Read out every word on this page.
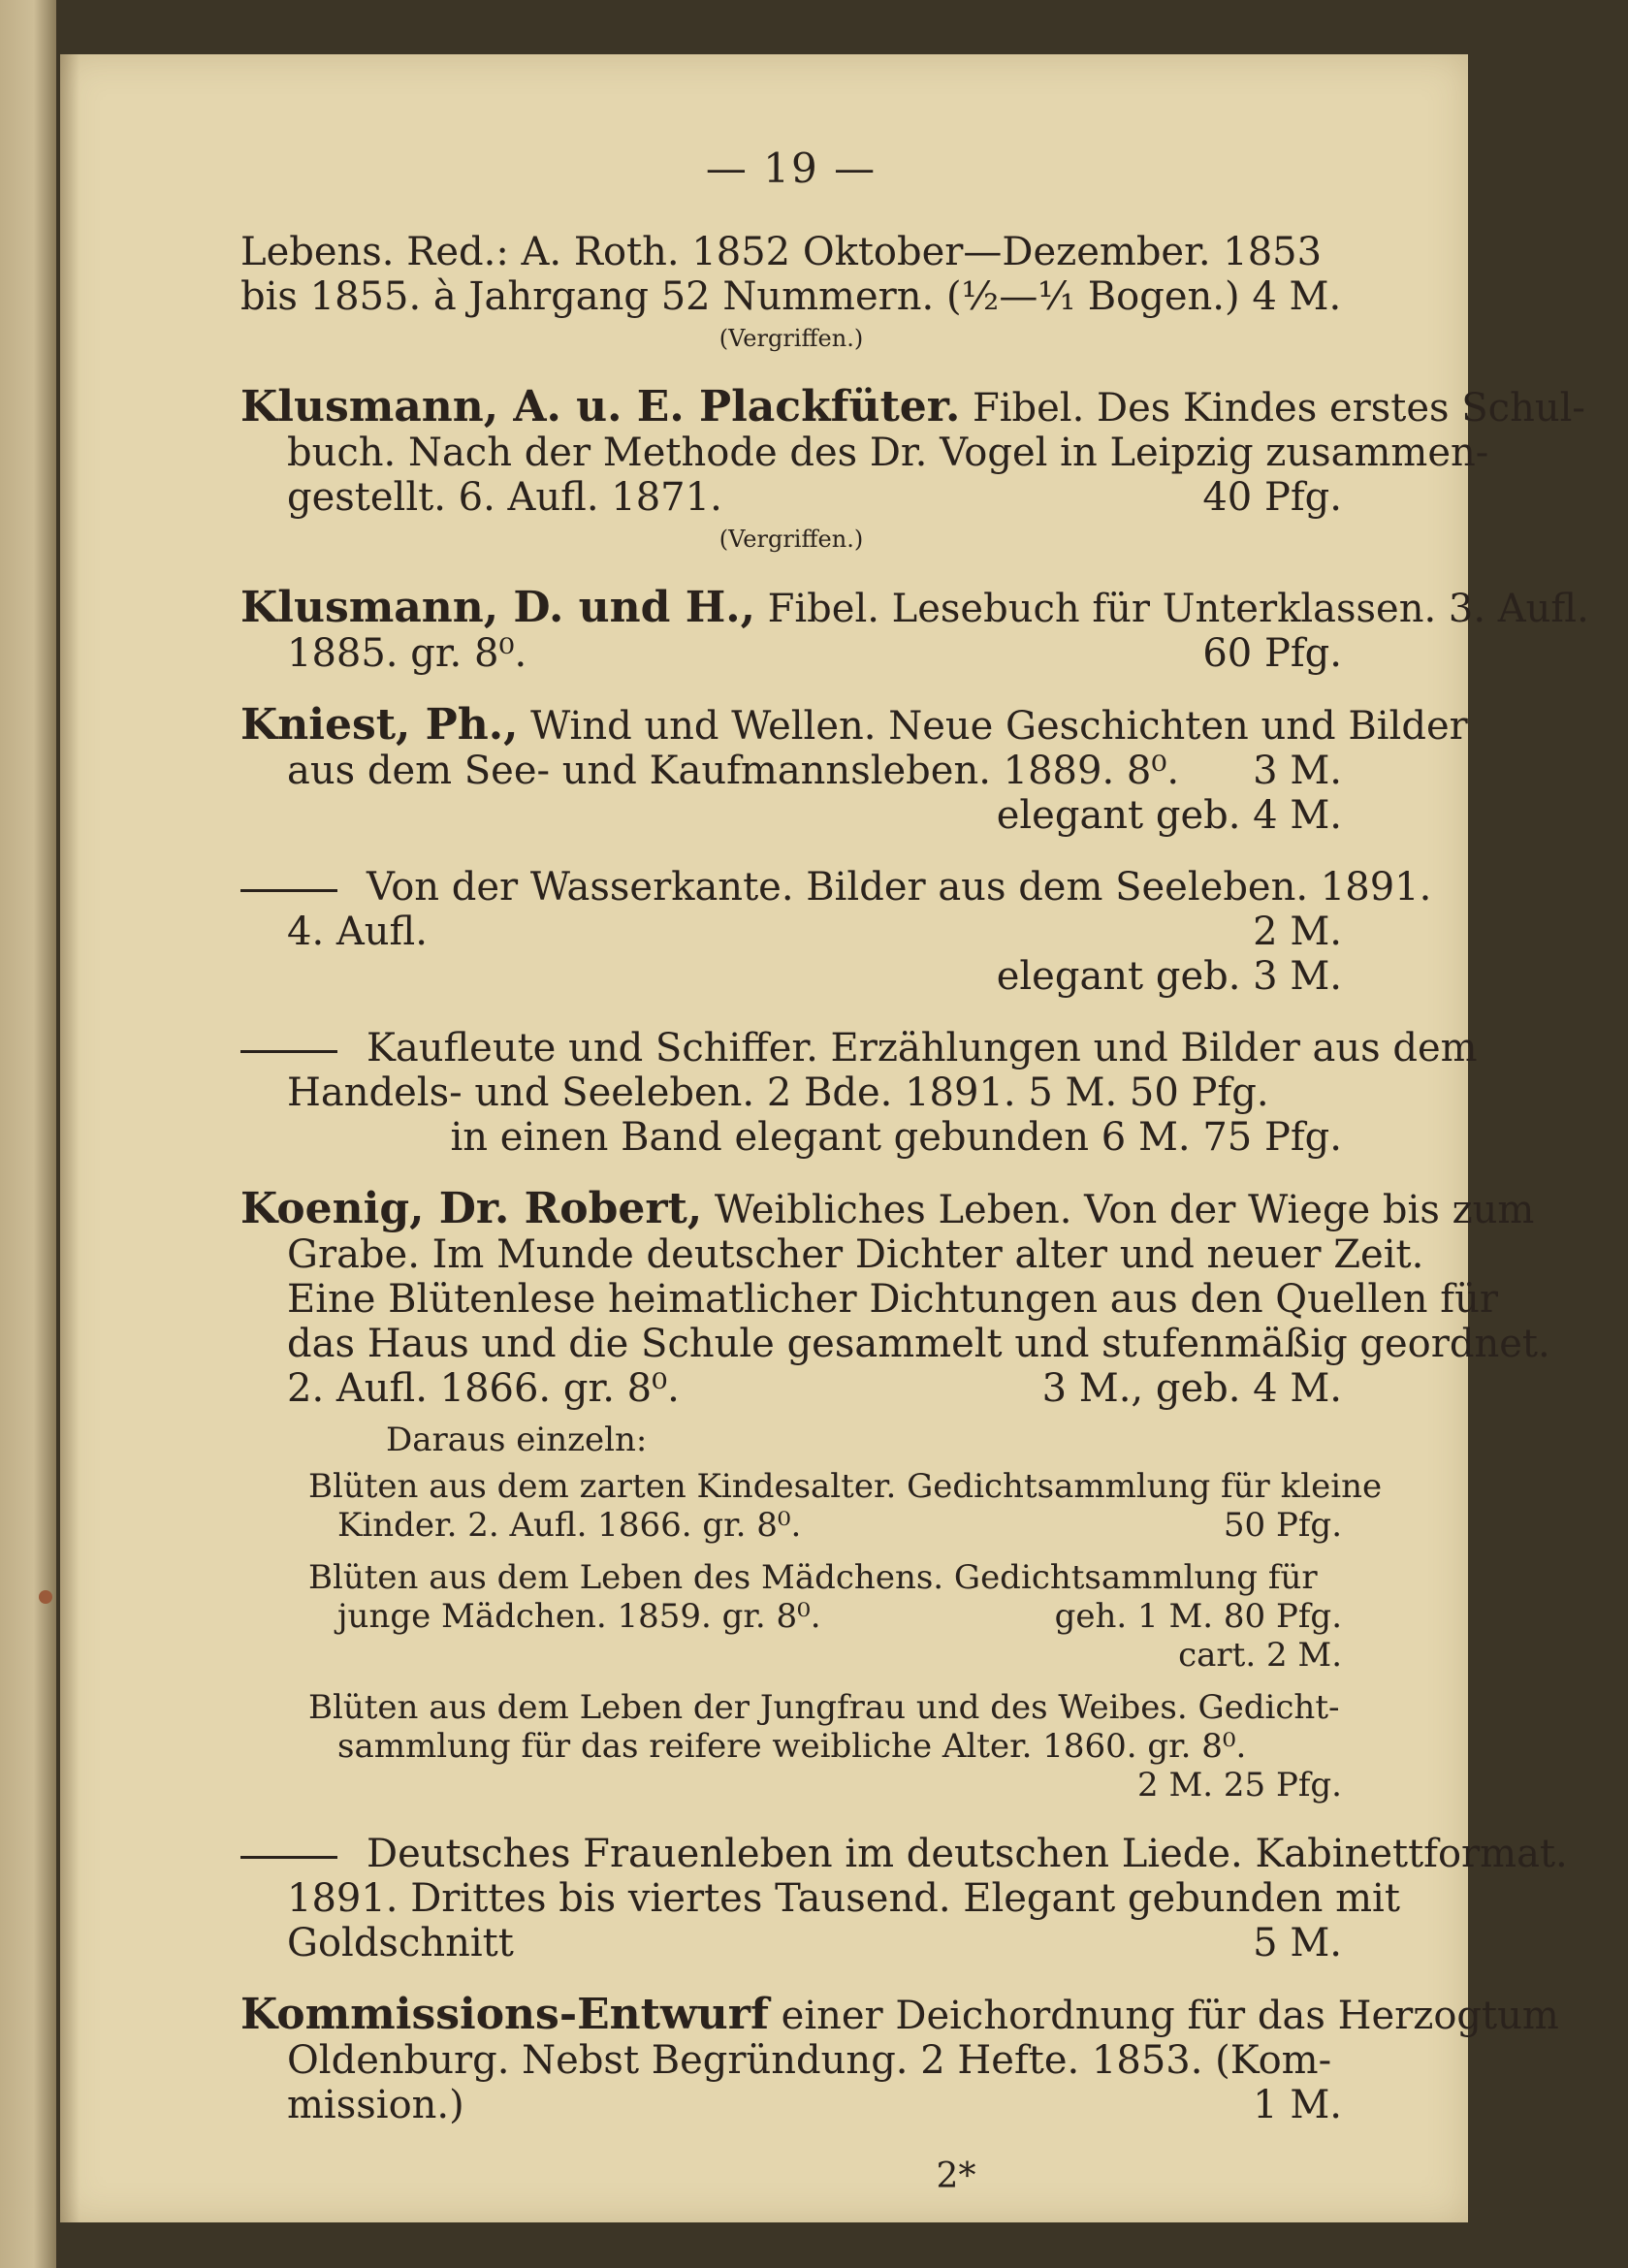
— 19 —
Lebens. Red.: A. Roth. 1852 Oktober—Dezember. 1853
bis 1855. à Jahrgang 52 Nummern. (½—¹⁄₁ Bogen.) 4 M.
(Vergriffen.)
Klusmann, A. u. E. Plackfüter. Fibel. Des Kindes erstes Schul-
buch. Nach der Methode des Dr. Vogel in Leipzig zusammen-
gestellt. 6. Aufl. 1871.	40 Pfg.
(Vergriffen.)
Klusmann, D. und H., Fibel. Lesebuch für Unterklassen. 3. Aufl.
1885. gr. 8⁰.	60 Pfg.
Kniest, Ph., Wind und Wellen. Neue Geschichten und Bilder
aus dem See- und Kaufmannsleben. 1889. 8⁰. 3 M.
elegant geb. 4 M.
Von der Wasserkante. Bilder aus dem Seeleben. 1891.
4. Aufl.	2 M.
elegant geb. 3 M.
Kaufleute und Schiffer. Erzählungen und Bilder aus dem
Handels- und Seeleben. 2 Bde. 1891. 5 M. 50 Pfg.
in einen Band elegant gebunden 6 M. 75 Pfg.
Koenig, Dr. Robert, Weibliches Leben. Von der Wiege bis zum
Grabe. Im Munde deutscher Dichter alter und neuer Zeit.
Eine Blütenlese heimatlicher Dichtungen aus den Quellen für
das Haus und die Schule gesammelt und stufenmäßig geordnet.
2. Aufl. 1866. gr. 8⁰.	3 M., geb. 4 M.
Daraus einzeln:
Blüten aus dem zarten Kindesalter. Gedichtsammlung für kleine
Kinder. 2. Aufl. 1866. gr. 8⁰.	50 Pfg.
Blüten aus dem Leben des Mädchens. Gedichtsammlung für
junge Mädchen. 1859. gr. 8⁰.	geh. 1 M. 80 Pfg.
cart. 2 M.
Blüten aus dem Leben der Jungfrau und des Weibes. Gedicht-
sammlung für das reifere weibliche Alter. 1860. gr. 8⁰.
2 M. 25 Pfg.
Deutsches Frauenleben im deutschen Liede. Kabinettformat.
1891. Drittes bis viertes Tausend. Elegant gebunden mit
Goldschnitt	5 M.
Kommissions-Entwurf einer Deichordnung für das Herzogtum
Oldenburg. Nebst Begründung. 2 Hefte. 1853. (Kom-
mission.)	1 M.
2*
